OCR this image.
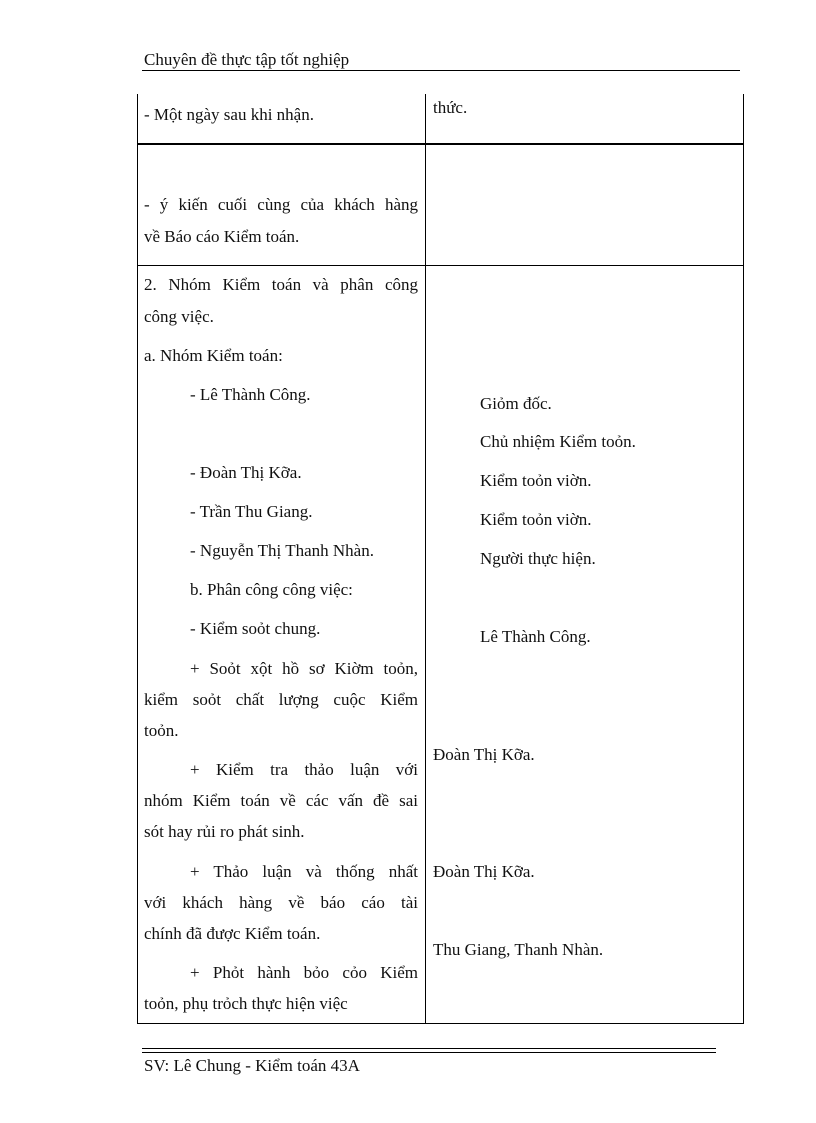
Chuyên đề thực tập tốt nghiệp
- Một ngày sau khi nhận.	thức.
- ý kiến cuối cùng của khách hàng
về Báo cáo Kiểm toán.
2. Nhóm Kiểm toán và phân công
công việc.
a. Nhóm Kiểm toán:
- Lê Thành Công.
- Đoàn Thị Kỡa.
- Trần Thu Giang.
- Nguyễn Thị Thanh Nhàn.
Giỏm đốc.
Chủ nhiệm Kiểm toỏn.
Kiểm toỏn viờn.
Kiểm toỏn viờn.
Người thực hiện.
b. Phân công công việc:
- Kiểm soỏt chung.	Lê Thành Công.
+ Soỏt xột hồ sơ Kiờm toỏn,
kiểm soỏt chất lượng cuộc Kiểm
toỏn.
+ Kiểm tra thảo luận với
nhóm Kiểm toán về các vấn đề sai
sót hay rủi ro phát sinh.
Đoàn Thị Kỡa.
+ Thảo luận và thống nhất
với khách hàng về báo cáo tài
chính đã được Kiểm toán.
Đoàn Thị Kỡa.
+ Phỏt hành bỏo cỏo Kiểm
toỏn, phụ trỏch thực hiện việc
Thu Giang, Thanh Nhàn.
SV: Lê Chung - Kiểm toán 43A
